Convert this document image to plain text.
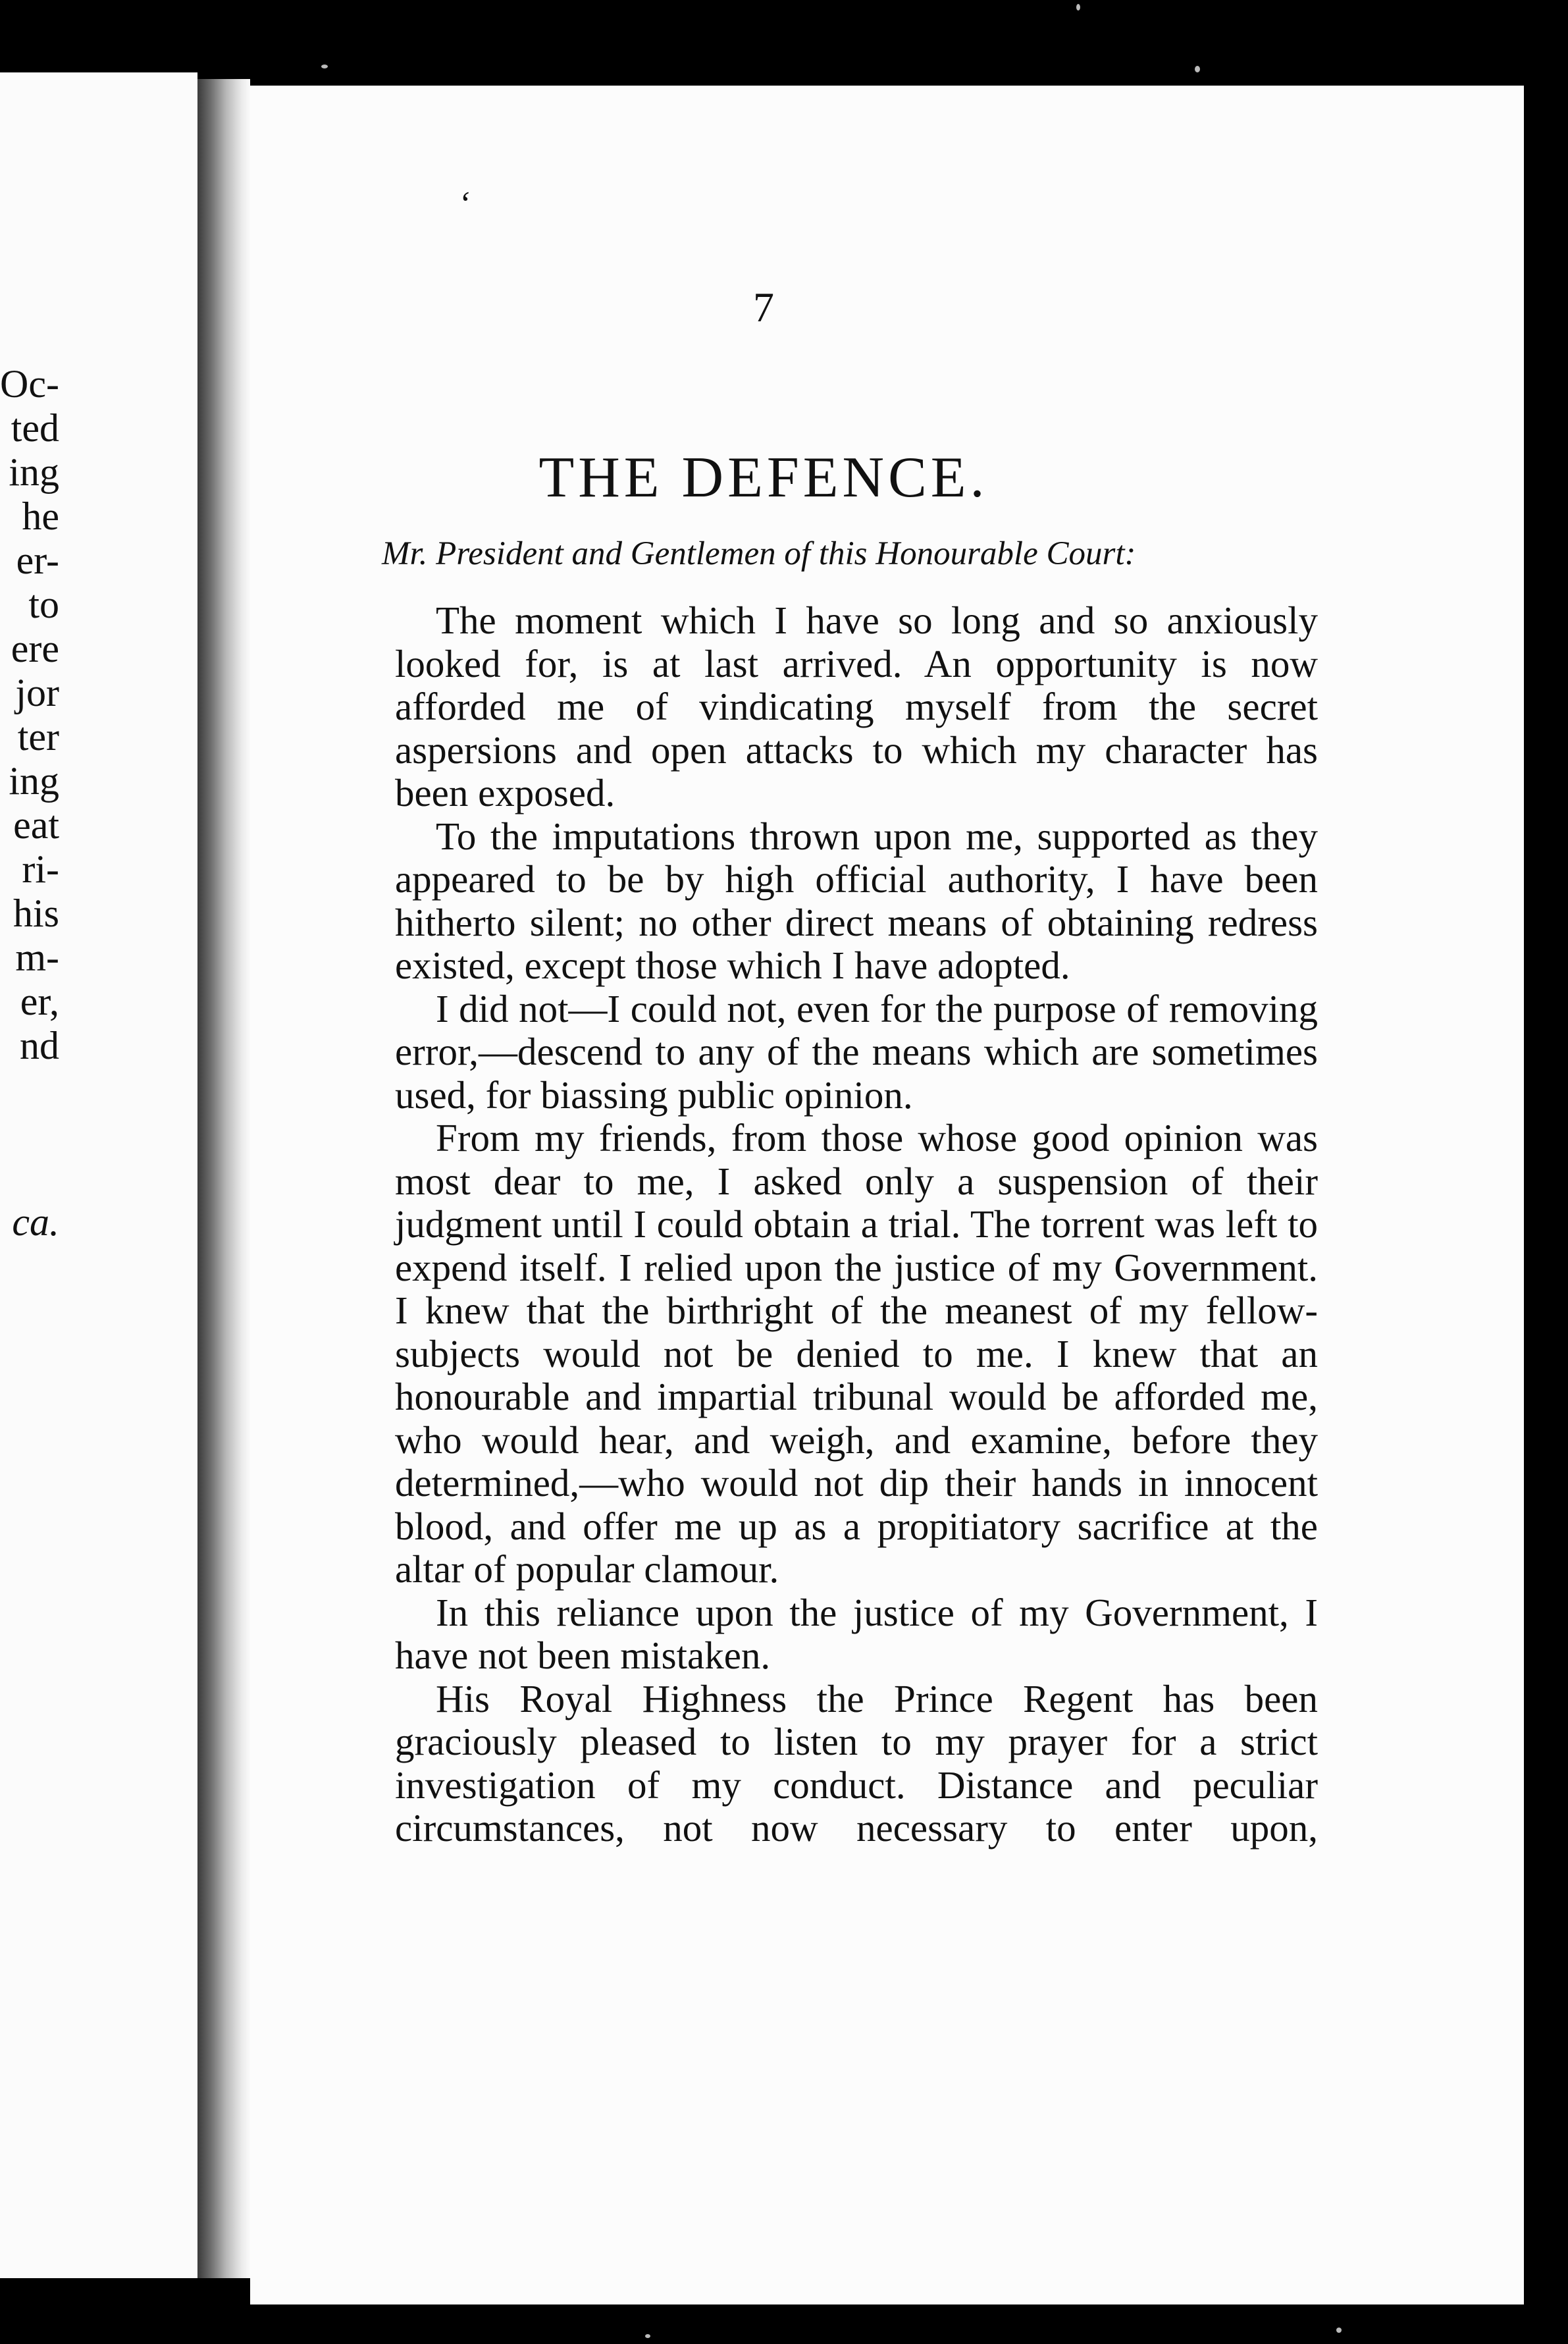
Oc-
ted
ing
he
er-
to
ere
jor
ter
ing
eat
ri-
his
m-
er,
nd
ca.
‘
7
THE DEFENCE.
Mr. President and Gentlemen of this Honourable Court:

The moment which I have so long and so anxiously looked for, is at last arrived. An opportunity is now afforded me of vindicating myself from the secret aspersions and open attacks to which my character has been exposed.

To the imputations thrown upon me, supported as they appeared to be by high official authority, I have been hitherto silent; no other direct means of obtaining redress existed, except those which I have adopted.

I did not—I could not, even for the purpose of removing error,—descend to any of the means which are sometimes used, for biassing public opinion.

From my friends, from those whose good opinion was most dear to me, I asked only a suspension of their judgment until I could obtain a trial. The torrent was left to expend itself. I relied upon the justice of my Government. I knew that the birthright of the meanest of my fellow-subjects would not be denied to me. I knew that an honourable and impartial tribunal would be afforded me, who would hear, and weigh, and examine, before they determined,—who would not dip their hands in innocent blood, and offer me up as a propitiatory sacrifice at the altar of popular clamour.

In this reliance upon the justice of my Government, I have not been mistaken.

His Royal Highness the Prince Regent has been graciously pleased to listen to my prayer for a strict investigation of my conduct. Distance and peculiar circumstances, not now necessary to enter upon,
